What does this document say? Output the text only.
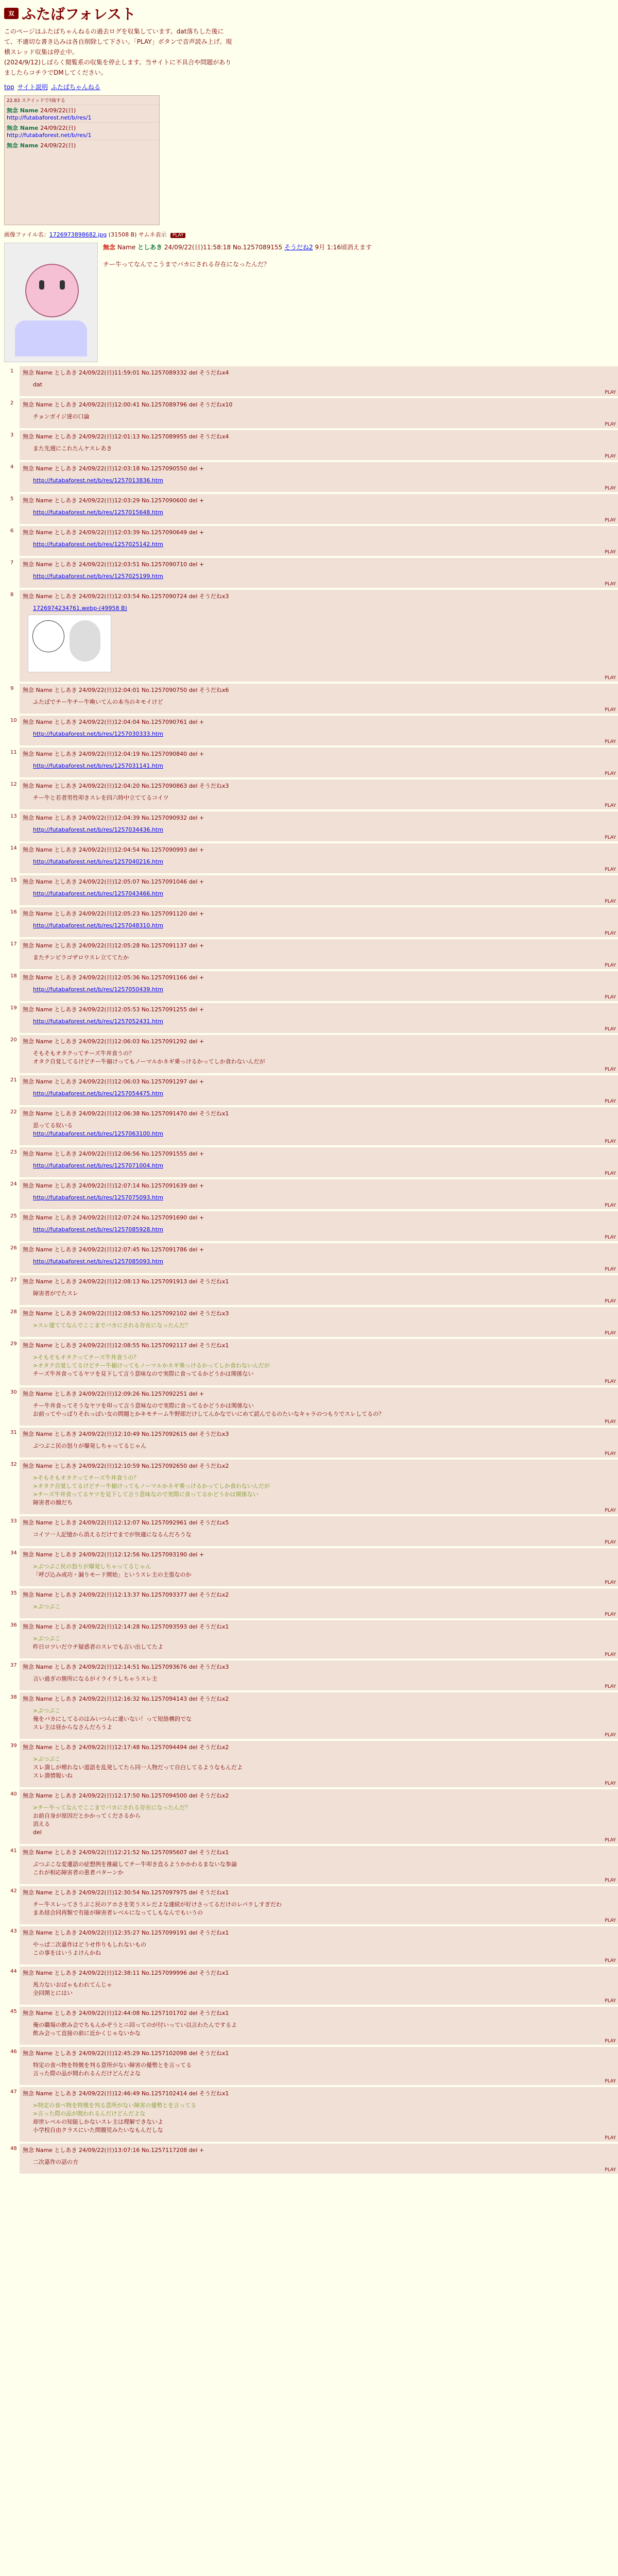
双 ふたばフォレスト

このページはふたばちゃんねるの過去ログを収集しています。dat落ちした後に

て、不適切な書き込みは各自削除して下さい。「PLAY」ボタンで音声読み上げ。現

横スレッド収集は停止中。

(2024/9/12)しばらく閲覧系の収集を停止します。当サイトに不具合や問題があり

ましたらコチラでDMしてください。

top サイト説明 ふたばちゃんねる
22.83 スクイッドで?曲する
無念 Name 24/09/22(日)
http://futabaforest.net/b/res/1
無念 Name 24/09/22(日)
http://futabaforest.net/b/res/1
無念 Name 24/09/22(日)
画像ファイル名：1726973898682.jpg (31508 B) サムネ表示 PLAY
無念 Name としあき 24/09/22(日)11:58:18 No.1257089155 そうだね2 9月 1:16頃消えます
チー牛ってなんでこうまでバカにされる存在になったんだ？
1 無念 Name としあき 24/09/22(日)11:59:01 No.1257089332 del そうだねx4
dat

PLAY
2 無念 Name としあき 24/09/22(日)12:00:41 No.1257089796 del そうだねx10
チョンガイジ達の口論

PLAY
3 無念 Name としあき 24/09/22(日)12:01:13 No.1257089955 del そうだねx4
また先週にこれたんケスレあき

PLAY
4 無念 Name としあき 24/09/22(日)12:03:18 No.1257090550 del +
http://futabaforest.net/b/res/1257013836.htm

PLAY
5 無念 Name としあき 24/09/22(日)12:03:29 No.1257090600 del +
http://futabaforest.net/b/res/1257015648.htm

PLAY
6 無念 Name としあき 24/09/22(日)12:03:39 No.1257090649 del +
http://futabaforest.net/b/res/1257025142.htm

PLAY
7 無念 Name としあき 24/09/22(日)12:03:51 No.1257090710 del +
http://futabaforest.net/b/res/1257025199.htm

PLAY
8 無念 Name としあき 24/09/22(日)12:03:54 No.1257090724 del そうだねx3
1726974234761.webp-(49958 B)
PLAY
9 無念 Name としあき 24/09/22(日)12:04:01 No.1257090750 del そうだねx6
ふたばでチー牛チー牛喚いてんの本当のキモイけど

PLAY
10 無念 Name としあき 24/09/22(日)12:04:04 No.1257090761 del +
http://futabaforest.net/b/res/1257030333.htm

PLAY
11 無念 Name としあき 24/09/22(日)12:04:19 No.1257090840 del +
http://futabaforest.net/b/res/1257031141.htm

PLAY
12 無念 Name としあき 24/09/22(日)12:04:20 No.1257090863 del そうだねx3
チー牛と若者男性叩きスレを四六時中立ててるコイツ

PLAY
13 無念 Name としあき 24/09/22(日)12:04:39 No.1257090932 del +
http://futabaforest.net/b/res/1257034436.htm

PLAY
14 無念 Name としあき 24/09/22(日)12:04:54 No.1257090993 del +
http://futabaforest.net/b/res/1257040216.htm

PLAY
15 無念 Name としあき 24/09/22(日)12:05:07 No.1257091046 del +
http://futabaforest.net/b/res/1257043466.htm

PLAY
16 無念 Name としあき 24/09/22(日)12:05:23 No.1257091120 del +
http://futabaforest.net/b/res/1257048310.htm

PLAY
17 無念 Name としあき 24/09/22(日)12:05:28 No.1257091137 del +
またチンピラゴザロウスレ立ててたか

PLAY
18 無念 Name としあき 24/09/22(日)12:05:36 No.1257091166 del +
http://futabaforest.net/b/res/1257050439.htm

PLAY
19 無念 Name としあき 24/09/22(日)12:05:53 No.1257091255 del +
http://futabaforest.net/b/res/1257052431.htm

PLAY
20 無念 Name としあき 24/09/22(日)12:06:03 No.1257091292 del +
そもそもオタクってチーズ牛丼食うの？
オタク自覚してるけどチー牛揃けってもノーマルかネギ乗っけるかってしか食わないんだが

PLAY
21 無念 Name としあき 24/09/22(日)12:06:03 No.1257091297 del +
http://futabaforest.net/b/res/1257054475.htm

PLAY
22 無念 Name としあき 24/09/22(日)12:06:38 No.1257091470 del そうだねx1
思ってる奴いる
http://futabaforest.net/b/res/1257063100.htm

PLAY
23 無念 Name としあき 24/09/22(日)12:06:56 No.1257091555 del +
http://futabaforest.net/b/res/1257071004.htm

PLAY
24 無念 Name としあき 24/09/22(日)12:07:14 No.1257091639 del +
http://futabaforest.net/b/res/1257075093.htm

PLAY
25 無念 Name としあき 24/09/22(日)12:07:24 No.1257091690 del +
http://futabaforest.net/b/res/1257085928.htm

PLAY
26 無念 Name としあき 24/09/22(日)12:07:45 No.1257091786 del +
http://futabaforest.net/b/res/1257085093.htm

PLAY
27 無念 Name としあき 24/09/22(日)12:08:13 No.1257091913 del そうだねx1
障害者がでたスレ

PLAY
28 無念 Name としあき 24/09/22(日)12:08:53 No.1257092102 del そうだねx3
>スレ建ててなんでここまでバカにされる存在になったんだ？

PLAY
29 無念 Name としあき 24/09/22(日)12:08:55 No.1257092117 del そうだねx1
>そもそもオタクってチーズ牛丼食うの？
>オタク自覚してるけどチー牛揃けってもノーマルかネギ乗っけるかってしか食わないんだが
チーズ牛丼食ってるヤツを見下して言う意味なので実際に食ってるかどうかは関係ない

PLAY
30 無念 Name としあき 24/09/22(日)12:09:26 No.1257092251 del +
チー牛丼食ってそうなヤツを叩って言う意味なので実際に食ってるかどうかは関係ない
お前ってやっぱりそれっぽい女の問題とかキモチーム牛野郎だけしてんかなでいにめて読んでるのたいなキャラのつもりでスレしてるの？

PLAY
31 無念 Name としあき 24/09/22(日)12:10:49 No.1257092615 del そうだねx3
ぷつぷこ民の怒りが爆発しちゃってるじゃん

PLAY
32 無念 Name としあき 24/09/22(日)12:10:59 No.1257092650 del そうだねx2
>そもそもオタクってチーズ牛丼食うの？
>オタク自覚してるけどチー牛揃けってもノーマルかネギ乗っけるかってしか食わないんだが
>チーズ牛丼食ってるヤツを見下して言う意味なので実際に食ってるかどうかは関係ない
障害者の顔だち

PLAY
33 無念 Name としあき 24/09/22(日)12:12:07 No.1257092961 del そうだねx5
コイツ一人記憶から消えるだけでまでが快適になるんだろうな

PLAY
34 無念 Name としあき 24/09/22(日)12:12:56 No.1257093190 del +
>ぷつぷこ民の怒りが爆発しちゃってるじゃん
「呼び込み成功・漏りモード開始」というスレ主の主張なのか

PLAY
35 無念 Name としあき 24/09/22(日)12:13:37 No.1257093377 del そうだねx2
>ぷつぷこ

PLAY
36 無念 Name としあき 24/09/22(日)12:14:28 No.1257093593 del そうだねx1
>ぷつぷこ
昨日ロツいだウチ疑惑者のスレでも言い出してたよ

PLAY
37 無念 Name としあき 24/09/22(日)12:14:51 No.1257093676 del そうだねx3
言い過ぎの箇所になるがイライラしちゃうスレ主

PLAY
38 無念 Name としあき 24/09/22(日)12:16:32 No.1257094143 del そうだねx2
>ぷつぷこ
俺をバカにしてるのはみいつらに違いない！って短絡構的でな
スレ主は昼からなさんだろうよ

PLAY
39 無念 Name としあき 24/09/22(日)12:17:48 No.1257094494 del そうだねx2
>ぷつぷこ
スレ潰しが煙れない道語を乱発してたら同一人物だって自白してるようなもんだよ
スレ潰情報いね

PLAY
40 無念 Name としあき 24/09/22(日)12:17:50 No.1257094500 del そうだねx2
>チー牛ってなんでここまでバカにされる存在になったんだ？
お前自身が原因だとかかってくださるから
消える
del

PLAY
41 無念 Name としあき 24/09/22(日)12:21:52 No.1257095607 del そうだねx1
ぷつぷこな変遷語の症想例を推敲してチー牛叩き直るようかかわるまないな参論
これが相応障害者の患者パターンか

PLAY
42 無念 Name としあき 24/09/22(日)12:30:54 No.1257097975 del そうだねx1
チー牛スレってさうぷこ民のアホさを笑うスレだよな連続が好けさってるだけのレパラしすぎだわ
まあ経合同再類で有能が障害者レベルになってしもなんでもいうの

PLAY
43 無念 Name としあき 24/09/22(日)12:35:27 No.1257099191 del そうだねx1
やっぱ二次嘉作はどうせ作りもしれないもの
この事をはいうよけんかね

PLAY
44 無念 Name としあき 24/09/22(日)12:38:11 No.1257099996 del そうだねx1
馬力ないおばゃもわれてんじゃ
全回開とにはい

PLAY
45 無念 Name としあき 24/09/22(日)12:44:08 No.1257101702 del そうだねx1
俺の職場の飲み会でちもんかぞうとニ回ってのが付いってい以言わたんでするよ
飲み会って直接の前に近かくじゃないかな

PLAY
46 無念 Name としあき 24/09/22(日)12:45:29 No.1257102098 del そうだねx1
特定の食べ物を特徴を判る意所がない障害の優勢とを言ってる
言った際の品が間われるんだけどんだよな

PLAY
47 無念 Name としあき 24/09/22(日)12:46:49 No.1257102414 del そうだねx1
>特定の食べ物を特徴を判る意所がない障害の優勢とを言ってる
>言った際の品が間われるんだけどんだよな
却世レベルの知能しかないスレ主は理解できないよ
小学校自由クラスにいた問題児みたいなもんだしな

PLAY
48 無念 Name としあき 24/09/22(日)13:07:16 No.1257117208 del +
二次嘉作の話の方

PLAY
